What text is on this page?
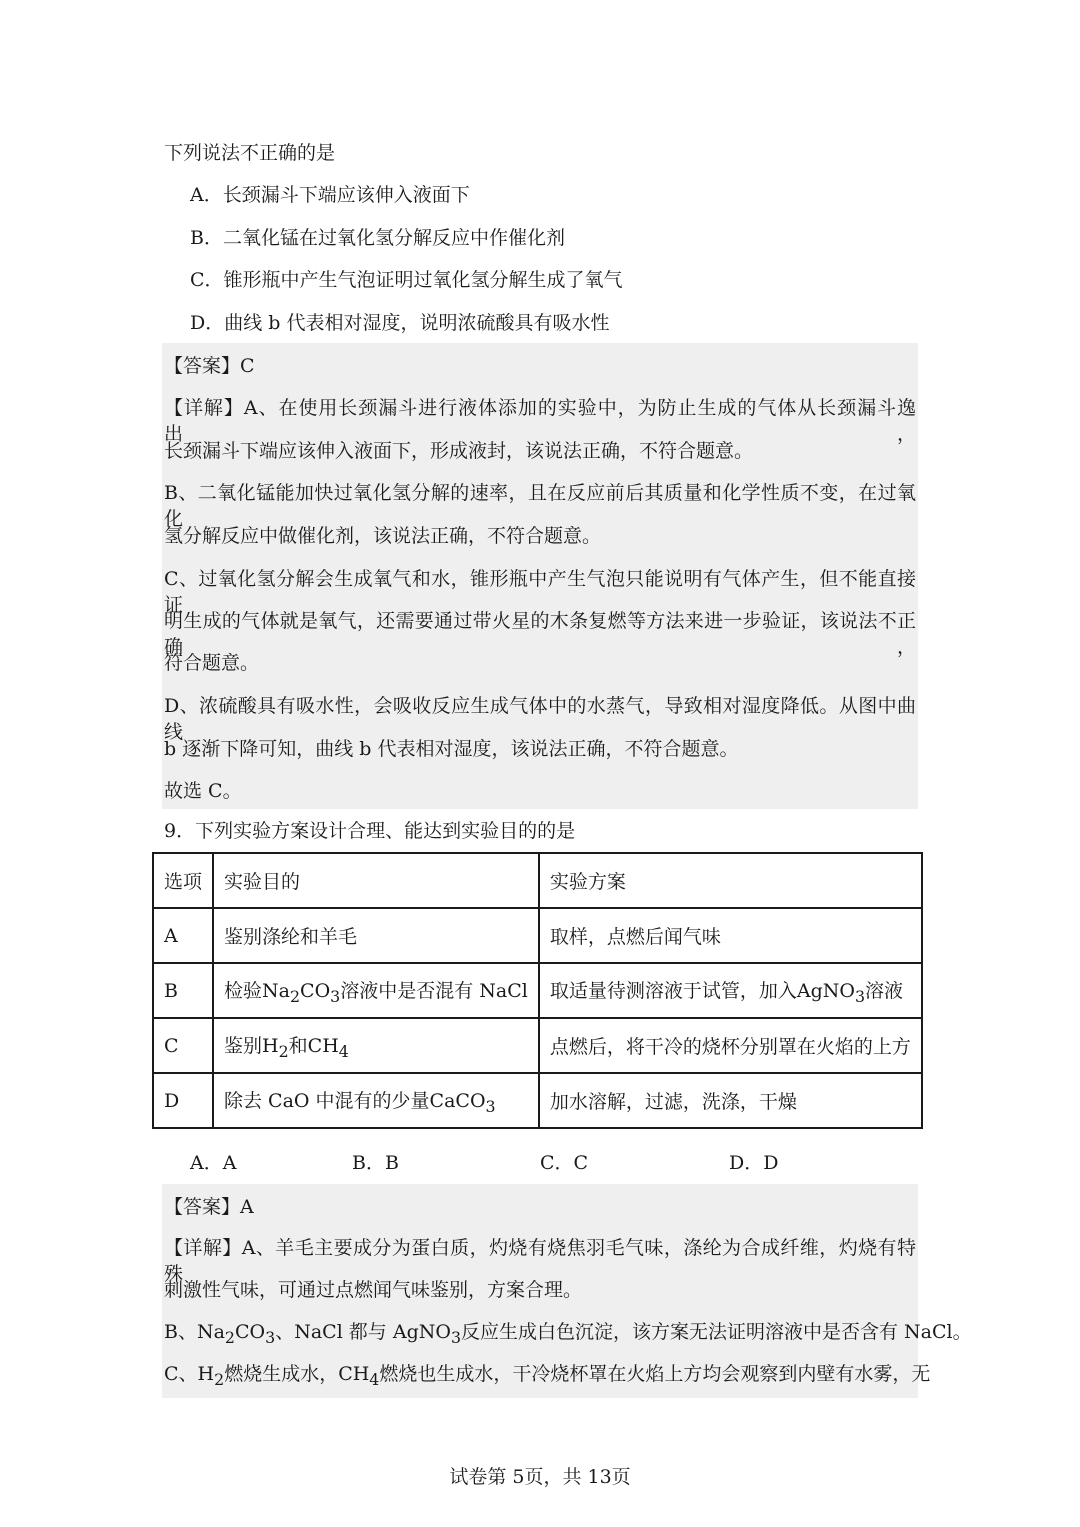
下列说法不正确的是
A．长颈漏斗下端应该伸入液面下
B．二氧化锰在过氧化氢分解反应中作催化剂
C．锥形瓶中产生气泡证明过氧化氢分解生成了氧气
D．曲线 b 代表相对湿度，说明浓硫酸具有吸水性
【答案】C
【详解】A、在使用长颈漏斗进行液体添加的实验中，为防止生成的气体从长颈漏斗逸出，
长颈漏斗下端应该伸入液面下，形成液封，该说法正确，不符合题意。
B、二氧化锰能加快过氧化氢分解的速率，且在反应前后其质量和化学性质不变，在过氧化
氢分解反应中做催化剂，该说法正确，不符合题意。
C、过氧化氢分解会生成氧气和水，锥形瓶中产生气泡只能说明有气体产生，但不能直接证
明生成的气体就是氧气，还需要通过带火星的木条复燃等方法来进一步验证，该说法不正确，
符合题意。
D、浓硫酸具有吸水性，会吸收反应生成气体中的水蒸气，导致相对湿度降低。从图中曲线
b 逐渐下降可知，曲线 b 代表相对湿度，该说法正确，不符合题意。
故选 C。
9．下列实验方案设计合理、能达到实验目的的是
选项	实验目的	实验方案
A	鉴别涤纶和羊毛	取样，点燃后闻气味
B	检验$Na_2CO_3$溶液中是否混有 NaCl	取适量待测溶液于试管，加入AgNO$_3$溶液
C	鉴别$H_2$和$CH_4$	点燃后，将干冷的烧杯分别罩在火焰的上方
D	除去 CaO 中混有的少量CaCO$_3$	加水溶解，过滤，洗涤，干燥
A．A	B．B	C．C	D．D
【答案】A
【详解】A、羊毛主要成分为蛋白质，灼烧有烧焦羽毛气味，涤纶为合成纤维，灼烧有特殊
刺激性气味，可通过点燃闻气味鉴别，方案合理。
B、$Na_2CO_3$、NaCl 都与 AgNO$_3$反应生成白色沉淀，该方案无法证明溶液中是否含有 NaCl。
C、$H_2$燃烧生成水，$CH_4$燃烧也生成水，干冷烧杯罩在火焰上方均会观察到内壁有水雾，无
试卷第 5页，共 13页
